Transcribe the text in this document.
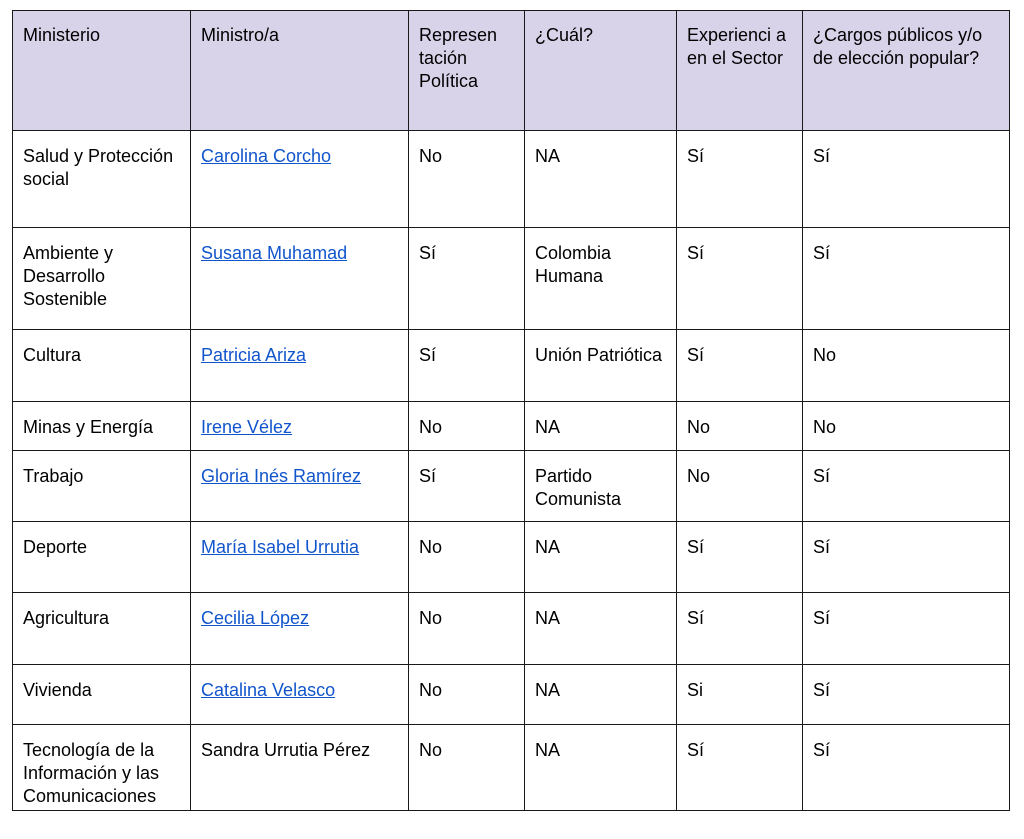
Ministerio	Ministro/a	Represen tación Política	¿Cuál?	Experienci a en el Sector	¿Cargos públicos y/o de elección popular?
Salud y Protección social	Carolina Corcho	No	NA	Sí	Sí
Ambiente y Desarrollo Sostenible	Susana Muhamad	Sí	Colombia Humana	Sí	Sí
Cultura	Patricia Ariza	Sí	Unión Patriótica	Sí	No
Minas y Energía	Irene Vélez	No	NA	No	No
Trabajo	Gloria Inés Ramírez	Sí	Partido Comunista	No	Sí
Deporte	María Isabel Urrutia	No	NA	Sí	Sí
Agricultura	Cecilia López	No	NA	Sí	Sí
Vivienda	Catalina Velasco	No	NA	Si	Sí
Tecnología de la Información y las Comunicaciones	Sandra Urrutia Pérez	No	NA	Sí	Sí
